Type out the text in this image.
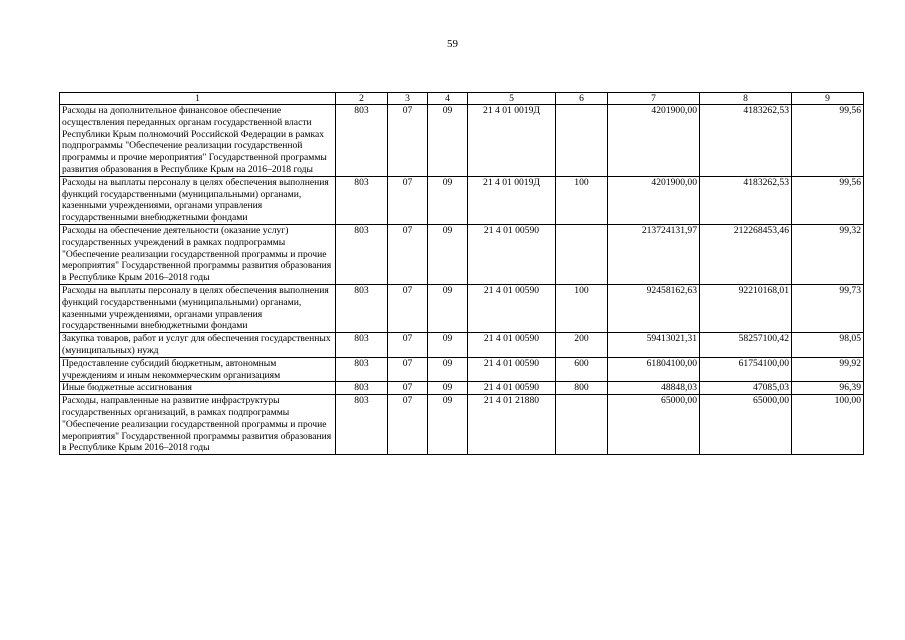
59
1	2	3	4	5	6	7	8	9
Расходы на дополнительное финансовое обеспечение осуществления переданных органам государственной власти Республики Крым полномочий Российской Федерации в рамках подпрограммы "Обеспечение реализации государственной программы и прочие мероприятия" Государственной программы развития образования в Республике Крым на 2016–2018 годы	803	07	09	21 4 01 0019Д		4201900,00	4183262,53	99,56
Расходы на выплаты персоналу в целях обеспечения выполнения функций государственными (муниципальными) органами, казенными учреждениями, органами управления государственными внебюджетными фондами	803	07	09	21 4 01 0019Д	100	4201900,00	4183262,53	99,56
Расходы на обеспечение деятельности (оказание услуг) государственных учреждений в рамках подпрограммы "Обеспечение реализации государственной программы и прочие мероприятия" Государственной программы развития образования в Республике Крым 2016–2018 годы	803	07	09	21 4 01 00590		213724131,97	212268453,46	99,32
Расходы на выплаты персоналу в целях обеспечения выполнения функций государственными (муниципальными) органами, казенными учреждениями, органами управления государственными внебюджетными фондами	803	07	09	21 4 01 00590	100	92458162,63	92210168,01	99,73
Закупка товаров, работ и услуг для обеспечения государственных (муниципальных) нужд	803	07	09	21 4 01 00590	200	59413021,31	58257100,42	98,05
Предоставление субсидий бюджетным, автономным учреждениям и иным некоммерческим организациям	803	07	09	21 4 01 00590	600	61804100,00	61754100,00	99,92
Иные бюджетные ассигнования	803	07	09	21 4 01 00590	800	48848,03	47085,03	96,39
Расходы, направленные на развитие инфраструктуры государственных организаций, в рамках подпрограммы "Обеспечение реализации государственной программы и прочие мероприятия" Государственной программы развития образования в Республике Крым 2016–2018 годы	803	07	09	21 4 01 21880		65000,00	65000,00	100,00
